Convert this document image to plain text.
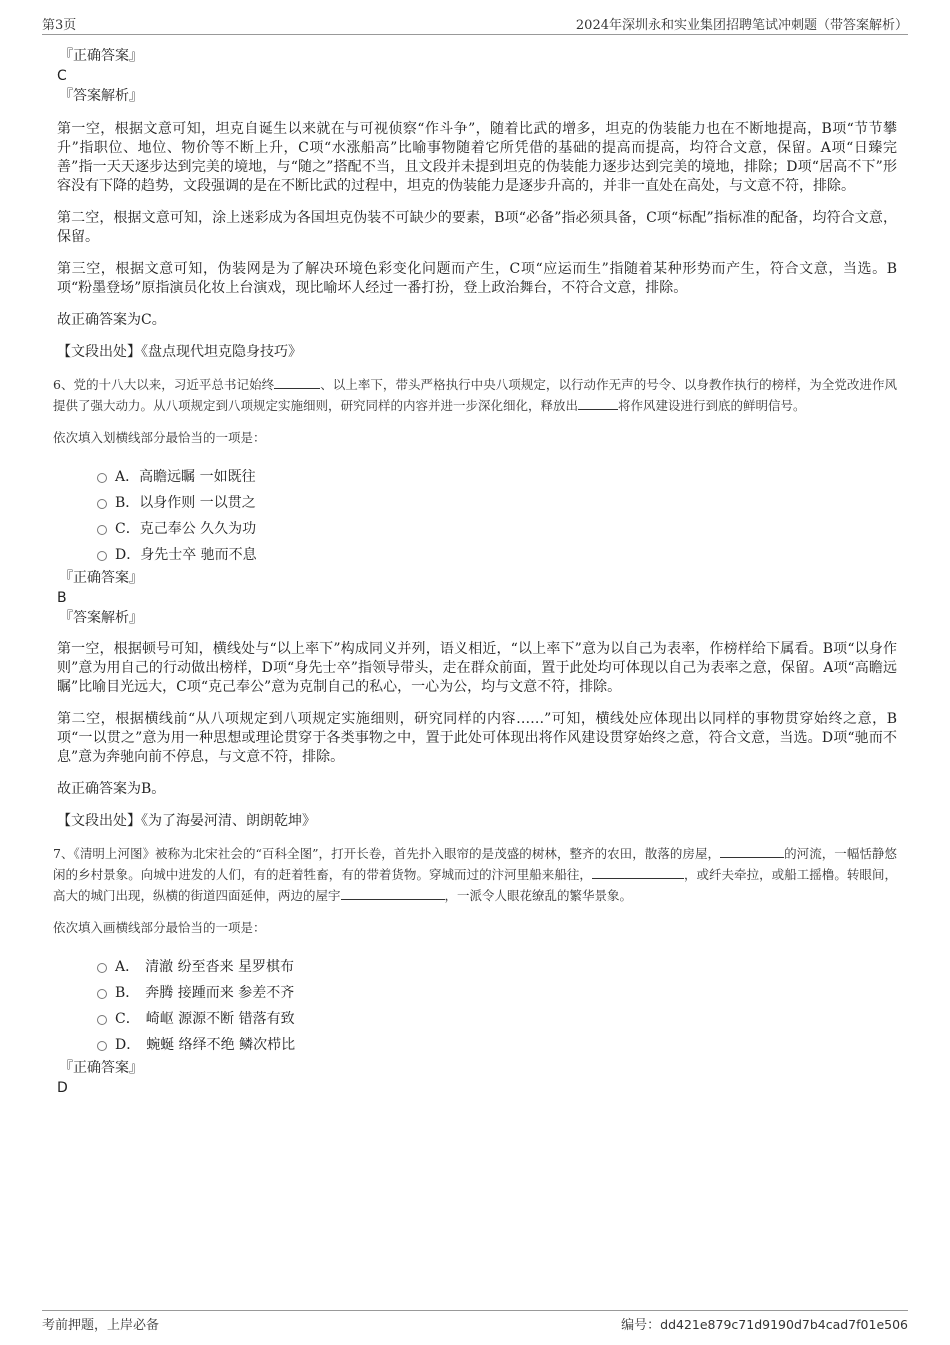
第3页	2024年深圳永和实业集团招聘笔试冲刺题（带答案解析）

『正确答案』

C

『答案解析』

第一空，根据文意可知，坦克自诞生以来就在与可视侦察“作斗争”，随着比武的增多，坦克的伪装能力也在不断地提高，B项“节节攀升”指职位、地位、物价等不断上升，C项“水涨船高”比喻事物随着它所凭借的基础的提高而提高，均符合文意，保留。A项“日臻完善”指一天天逐步达到完美的境地，与“随之”搭配不当，且文段并未提到坦克的伪装能力逐步达到完美的境地，排除；D项“居高不下”形容没有下降的趋势，文段强调的是在不断比武的过程中，坦克的伪装能力是逐步升高的，并非一直处在高处，与文意不符，排除。

第二空，根据文意可知，涂上迷彩成为各国坦克伪装不可缺少的要素，B项“必备”指必须具备，C项“标配”指标准的配备，均符合文意，保留。

第三空，根据文意可知，伪装网是为了解决环境色彩变化问题而产生，C项“应运而生”指随着某种形势而产生，符合文意，当选。B项“粉墨登场”原指演员化妆上台演戏，现比喻坏人经过一番打扮，登上政治舞台，不符合文意，排除。

故正确答案为C。

【文段出处】《盘点现代坦克隐身技巧》

6、党的十八大以来，习近平总书记始终	、以上率下，带头严格执行中央八项规定，以行动作无声的号令、以身教作执行的榜样，为全党改进作风提供了强大动力。从八项规定到八项规定实施细则，研究同样的内容并进一步深化细化，释放出	将作风建设进行到底的鲜明信号。

依次填入划横线部分最恰当的一项是：

A．高瞻远瞩 一如既往
B．以身作则 一以贯之
C．克己奉公 久久为功
D．身先士卒 驰而不息

『正确答案』

B

『答案解析』

第一空，根据顿号可知，横线处与“以上率下”构成同义并列，语义相近，“以上率下”意为以自己为表率，作榜样给下属看。B项“以身作则”意为用自己的行动做出榜样，D项“身先士卒”指领导带头，走在群众前面，置于此处均可体现以自己为表率之意，保留。A项“高瞻远瞩”比喻目光远大，C项“克己奉公”意为克制自己的私心，一心为公，均与文意不符，排除。

第二空，根据横线前“从八项规定到八项规定实施细则，研究同样的内容……”可知，横线处应体现出以同样的事物贯穿始终之意，B项“一以贯之”意为用一种思想或理论贯穿于各类事物之中，置于此处可体现出将作风建设贯穿始终之意，符合文意，当选。D项“驰而不息”意为奔驰向前不停息，与文意不符，排除。

故正确答案为B。

【文段出处】《为了海晏河清、朗朗乾坤》

7、《清明上河图》被称为北宋社会的“百科全图”，打开长卷，首先扑入眼帘的是茂盛的树林，整齐的农田，散落的房屋，	的河流，一幅恬静悠闲的乡村景象。向城中进发的人们，有的赶着牲畜，有的带着货物。穿城而过的汴河里船来船往，	，或纤夫牵拉，或船工摇橹。转眼间，高大的城门出现，纵横的街道四面延伸，两边的屋宇	，一派令人眼花缭乱的繁华景象。

依次填入画横线部分最恰当的一项是：

A． 清澈 纷至沓来 星罗棋布
B． 奔腾 接踵而来 参差不齐
C． 崎岖 源源不断 错落有致
D． 蜿蜒 络绎不绝 鳞次栉比

『正确答案』

D

考前押题，上岸必备	编号：dd421e879c71d9190d7b4cad7f01e506
